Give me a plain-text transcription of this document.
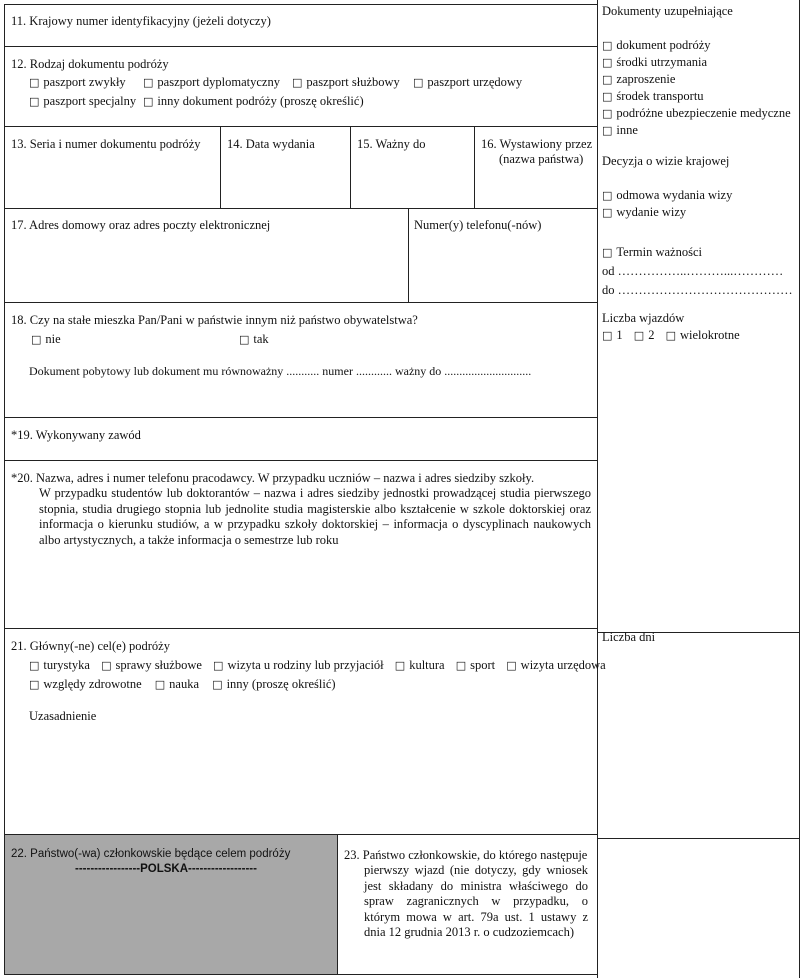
Dokumenty uzupełniające
□ dokument podróży
□ środki utrzymania
□ zaproszenie
□ środek transportu
□ podróżne ubezpieczenie medyczne
□ inne
Decyzja o wizie krajowej
□ odmowa wydania wizy
□ wydanie wizy
□ Termin ważności
od ……………..………...…………
do ……………………………………
Liczba wjazdów
□ 1 □ 2 □ wielokrotne
Liczba dni
11. Krajowy numer identyfikacyjny (jeżeli dotyczy)
12. Rodzaj dokumentu podróży
□ paszport zwykły	□ paszport dyplomatyczny	□ paszport służbowy	□ paszport urzędowy
□ paszport specjalny	□ inny dokument podróży (proszę określić)
13. Seria i numer dokumentu podróży 14. Data wydania	15. Ważny do	16. Wystawiony przez
(nazwa państwa)
17. Adres domowy oraz adres poczty elektronicznej	Numer(y) telefonu(-nów)
18. Czy na stałe mieszka Pan/Pani w państwie innym niż państwo obywatelstwa?
□ nie	□ tak
Dokument pobytowy lub dokument mu równoważny ........... numer ............ ważny do .............................
*19. Wykonywany zawód
*20. Nazwa, adres i numer telefonu pracodawcy. W przypadku uczniów – nazwa i adres siedziby szkoły.
W przypadku studentów lub doktorantów – nazwa i adres siedziby jednostki prowadzącej studia pierwszego stopnia, studia drugiego stopnia lub jednolite studia magisterskie albo kształcenie w szkole doktorskiej oraz informacja o kierunku studiów, a w przypadku szkoły doktorskiej – informacja o dyscyplinach naukowych albo artystycznych, a także informacja o semestrze lub roku
21. Główny(-ne) cel(e) podróży
□ turystyka □ sprawy służbowe □ wizyta u rodziny lub przyjaciół □ kultura □ sport □ wizyta urzędowa
□ względy zdrowotne □ nauka □ inny (proszę określić)
Uzasadnienie
22. Państwo(-wa) członkowskie będące celem podróży
-----------------POLSKA------------------
23. Państwo członkowskie, do którego następuje
pierwszy wjazd (nie dotyczy, gdy wniosek jest składany do ministra właściwego do spraw zagranicznych w przypadku, o którym mowa w art. 79a ust. 1 ustawy z dnia 12 grudnia 2013 r. o cudzoziemcach)
